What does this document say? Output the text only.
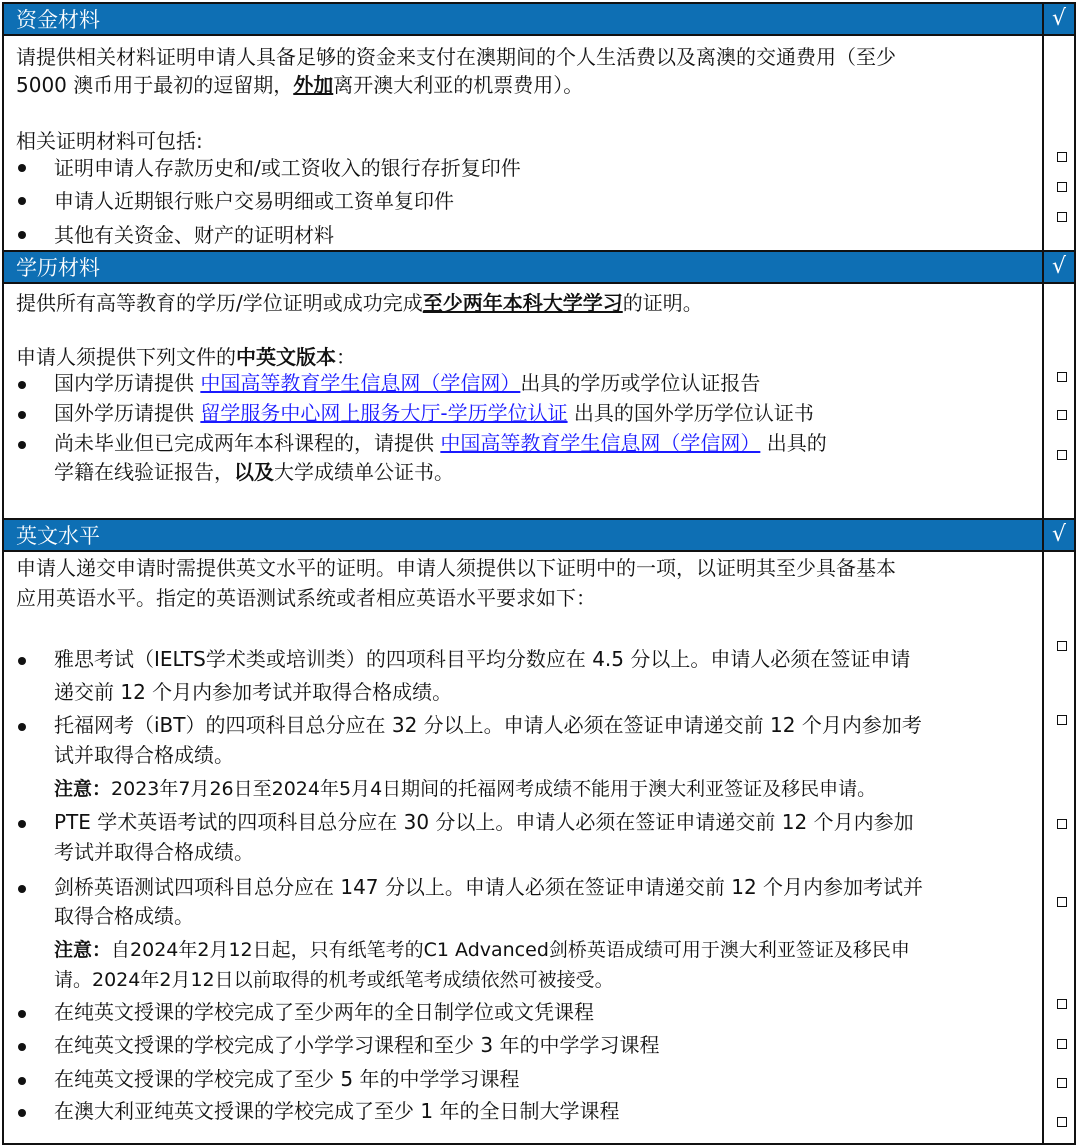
资金材料	√
请提供相关材料证明申请人具备足够的资金来支付在澳期间的个人生活费以及离澳的交通费用（至少
5000 澳币用于最初的逗留期，外加离开澳大利亚的机票费用）。
相关证明材料可包括:
证明申请人存款历史和/或工资收入的银行存折复印件
申请人近期银行账户交易明细或工资单复印件
其他有关资金、财产的证明材料
学历材料	√
提供所有高等教育的学历/学位证明或成功完成至少两年本科大学学习的证明。
申请人须提供下列文件的中英文版本：
国内学历请提供 中国高等教育学生信息网（学信网）出具的学历或学位认证报告
国外学历请提供 留学服务中心网上服务大厅-学历学位认证 出具的国外学历学位认证书
尚未毕业但已完成两年本科课程的，请提供 中国高等教育学生信息网（学信网） 出具的
学籍在线验证报告，以及大学成绩单公证书。
英文水平	√
申请人递交申请时需提供英文水平的证明。申请人须提供以下证明中的一项，以证明其至少具备基本
应用英语水平。指定的英语测试系统或者相应英语水平要求如下：
雅思考试（IELTS学术类或培训类）的四项科目平均分数应在 4.5 分以上。申请人必须在签证申请
递交前 12 个月内参加考试并取得合格成绩。
托福网考（iBT）的四项科目总分应在 32 分以上。申请人必须在签证申请递交前 12 个月内参加考
试并取得合格成绩。
注意：2023年7月26日至2024年5月4日期间的托福网考成绩不能用于澳大利亚签证及移民申请。
PTE 学术英语考试的四项科目总分应在 30 分以上。申请人必须在签证申请递交前 12 个月内参加
考试并取得合格成绩。
剑桥英语测试四项科目总分应在 147 分以上。申请人必须在签证申请递交前 12 个月内参加考试并
取得合格成绩。
注意：自2024年2月12日起，只有纸笔考的C1 Advanced剑桥英语成绩可用于澳大利亚签证及移民申
请。2024年2月12日以前取得的机考或纸笔考成绩依然可被接受。
在纯英文授课的学校完成了至少两年的全日制学位或文凭课程
在纯英文授课的学校完成了小学学习课程和至少 3 年的中学学习课程
在纯英文授课的学校完成了至少 5 年的中学学习课程
在澳大利亚纯英文授课的学校完成了至少 1 年的全日制大学课程
